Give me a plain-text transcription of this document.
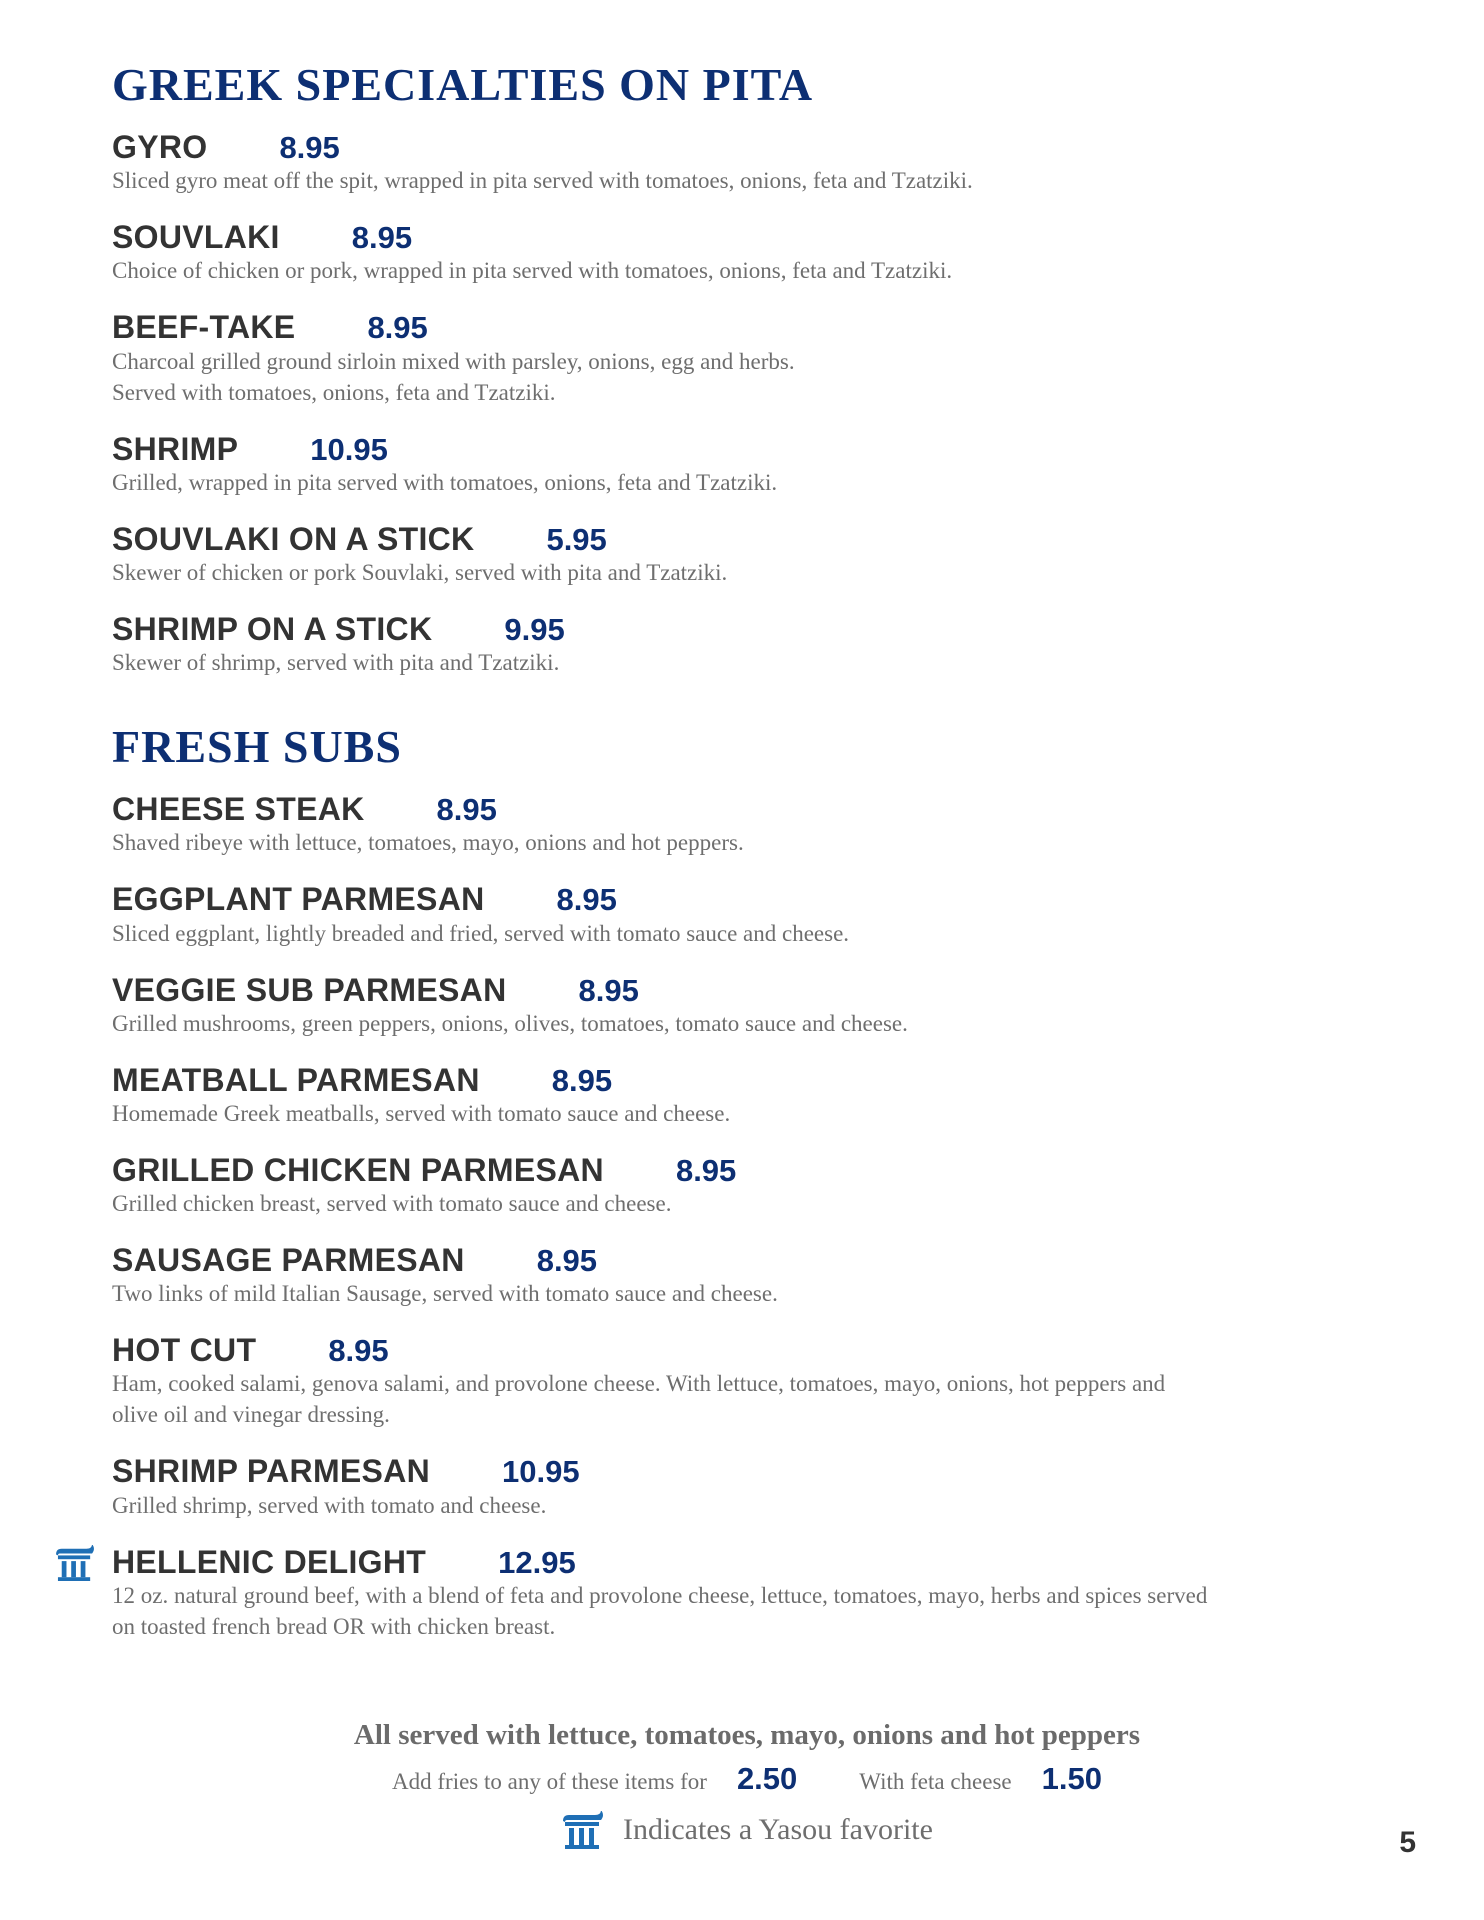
GREEK SPECIALTIES ON PITA
GYRO 8.95
Sliced gyro meat off the spit, wrapped in pita served with tomatoes, onions, feta and Tzatziki.
SOUVLAKI 8.95
Choice of chicken or pork, wrapped in pita served with tomatoes, onions, feta and Tzatziki.
BEEF-TAKE 8.95
Charcoal grilled ground sirloin mixed with parsley, onions, egg and herbs.
Served with tomatoes, onions, feta and Tzatziki.
SHRIMP 10.95
Grilled, wrapped in pita served with tomatoes, onions, feta and Tzatziki.
SOUVLAKI ON A STICK 5.95
Skewer of chicken or pork Souvlaki, served with pita and Tzatziki.
SHRIMP ON A STICK 9.95
Skewer of shrimp, served with pita and Tzatziki.
FRESH SUBS
CHEESE STEAK 8.95
Shaved ribeye with lettuce, tomatoes, mayo, onions and hot peppers.
EGGPLANT PARMESAN 8.95
Sliced eggplant, lightly breaded and fried, served with tomato sauce and cheese.
VEGGIE SUB PARMESAN 8.95
Grilled mushrooms, green peppers, onions, olives, tomatoes, tomato sauce and cheese.
MEATBALL PARMESAN 8.95
Homemade Greek meatballs, served with tomato sauce and cheese.
GRILLED CHICKEN PARMESAN 8.95
Grilled chicken breast, served with tomato sauce and cheese.
SAUSAGE PARMESAN 8.95
Two links of mild Italian Sausage, served with tomato sauce and cheese.
HOT CUT 8.95
Ham, cooked salami, genova salami, and provolone cheese. With lettuce, tomatoes, mayo, onions, hot peppers and
olive oil and vinegar dressing.
SHRIMP PARMESAN 10.95
Grilled shrimp, served with tomato and cheese.
HELLENIC DELIGHT 12.95
12 oz. natural ground beef, with a blend of feta and provolone cheese, lettuce, tomatoes, mayo, herbs and spices served
on toasted french bread OR with chicken breast.
All served with lettuce, tomatoes, mayo, onions and hot peppers
Add fries to any of these items for 2.50	With feta cheese 1.50
Indicates a Yasou favorite	5
